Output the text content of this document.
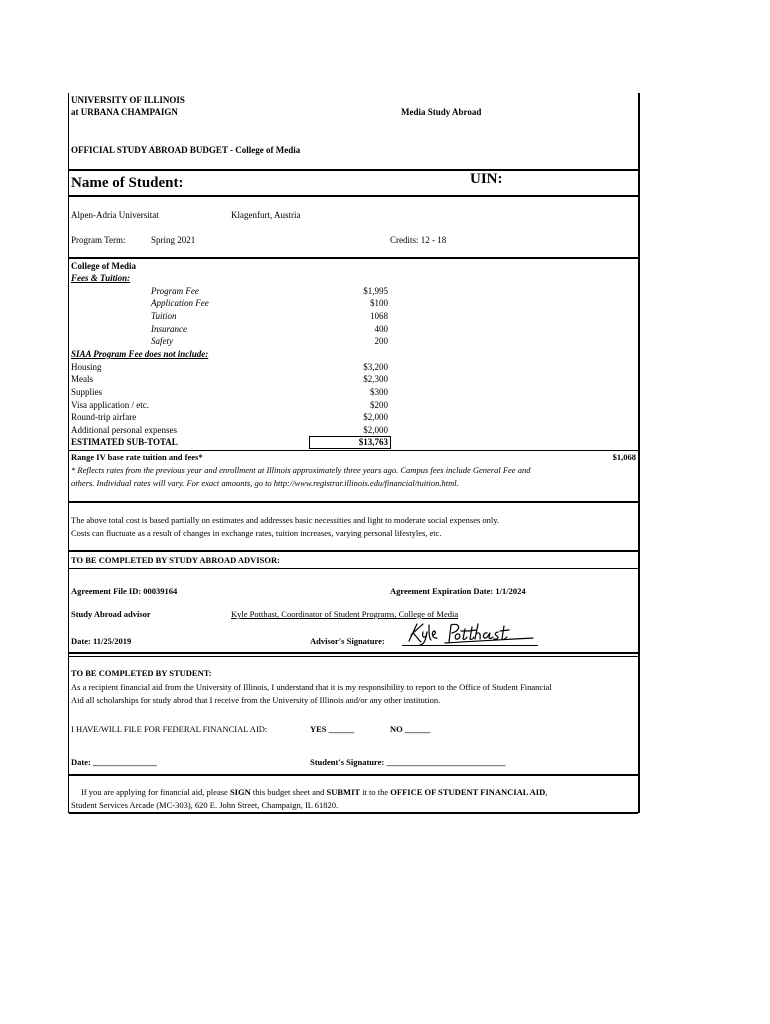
UNIVERSITY OF ILLINOIS
at URBANA CHAMPAIGN	Media Study Abroad
OFFICIAL STUDY ABROAD BUDGET - College of Media
Name of Student:	UIN:
Alpen-Adria Universitat	Klagenfurt, Austria
Program Term:	Spring 2021	Credits: 12 - 18
College of Media
Fees & Tuition:
Program Fee	$1,995
Application Fee	$100
Tuition	1068
Insurance	400
Safety	200
SIAA Program Fee does not include:
Housing	$3,200
Meals	$2,300
Supplies	$300
Visa application / etc.	$200
Round-trip airfare	$2,000
Additional personal expenses	$2,000
ESTIMATED SUB-TOTAL	$13,763
Range IV base rate tuition and fees*	$1,068
* Reflects rates from the previous year and enrollment at Illinois approximately three years ago. Campus fees include General Fee and
others. Individual rates will vary. For exact amounts, go to http://www.registrar.illinois.edu/financial/tuition.html.
The above total cost is based partially on estimates and addresses basic necessities and light to moderate social expenses only.
Costs can fluctuate as a result of changes in exchange rates, tuition increases, varying personal lifestyles, etc.
TO BE COMPLETED BY STUDY ABROAD ADVISOR:
Agreement File ID: 00039164	Agreement Expiration Date: 1/1/2024
Study Abroad advisor	Kyle Potthast, Coordinator of Student Programs, College of Media
Date: 11/25/2019	Advisor's Signature:
TO BE COMPLETED BY STUDENT:
As a recipient financial aid from the University of Illinois, I understand that it is my responsibility to report to the Office of Student Financial
Aid all scholarships for study abrod that I receive from the University of Illinois and/or any other institution.
I HAVE/WILL FILE FOR FEDERAL FINANCIAL AID:	YES ______	NO ______
Date: _______________	Student's Signature: ____________________________
If you are applying for financial aid, please SIGN this budget sheet and SUBMIT it to the OFFICE OF STUDENT FINANCIAL AID,
Student Services Arcade (MC-303), 620 E. John Street, Champaign, IL 61820.
